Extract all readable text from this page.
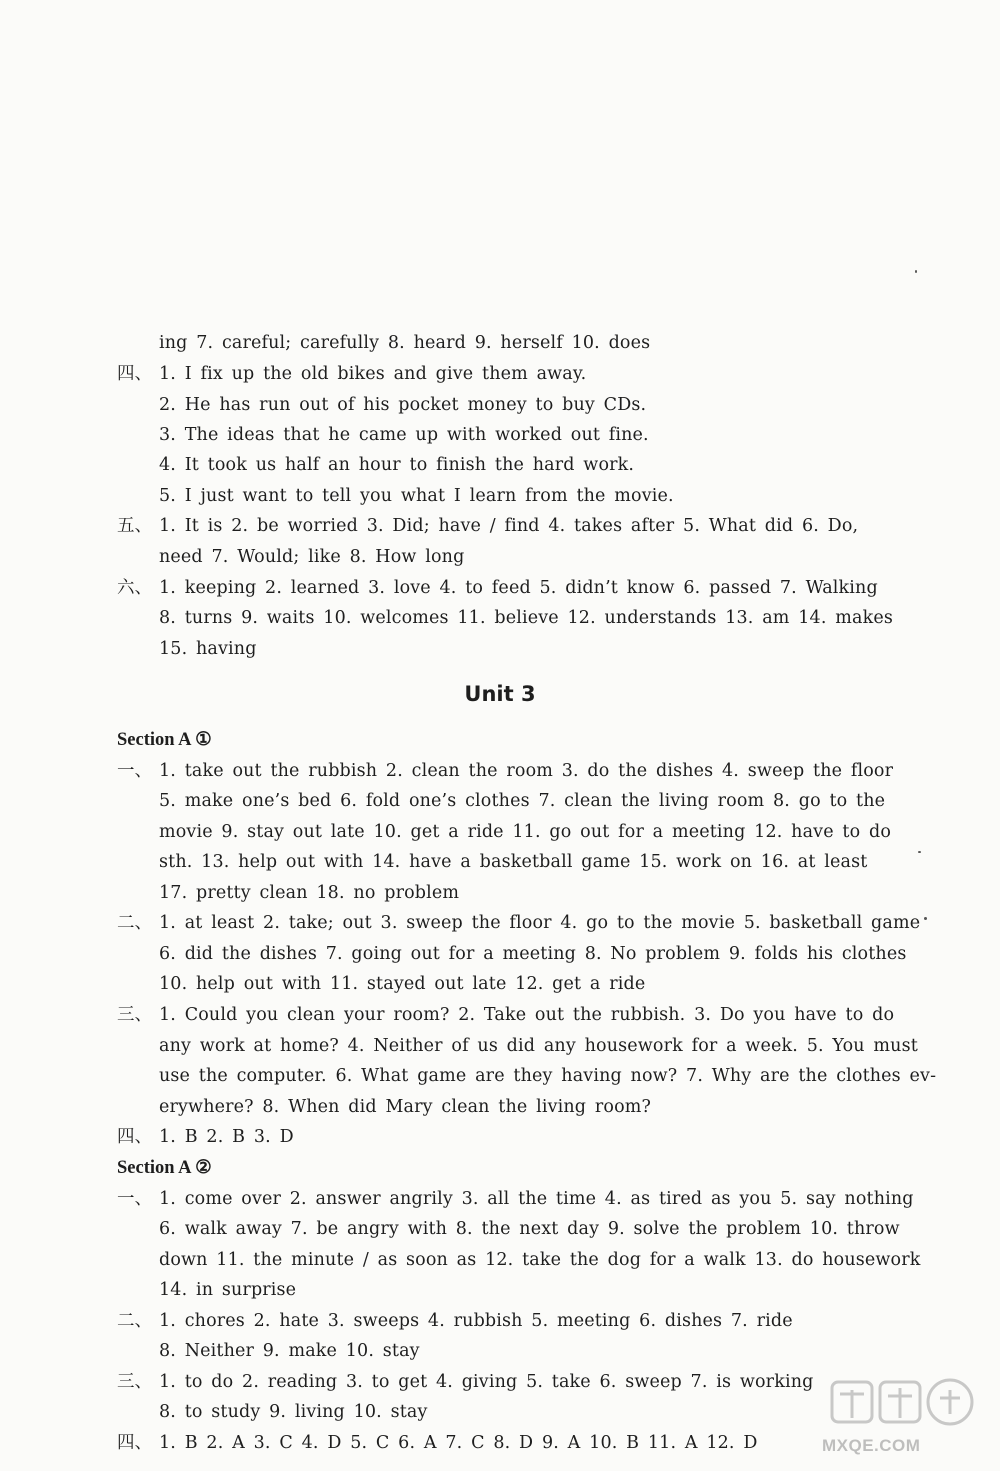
ing 7. careful; carefully 8. heard 9. herself 10. does
四、 1. I fix up the old bikes and give them away.
2. He has run out of his pocket money to buy CDs.
3. The ideas that he came up with worked out fine.
4. It took us half an hour to finish the hard work.
5. I just want to tell you what I learn from the movie.
五、 1. It is 2. be worried 3. Did; have / find 4. takes after 5. What did 6. Do,
need 7. Would; like 8. How long
六、 1. keeping 2. learned 3. love 4. to feed 5. didn’t know 6. passed 7. Walking
8. turns 9. waits 10. welcomes 11. believe 12. understands 13. am 14. makes
15. having
Unit 3
Section A ①
一、 1. take out the rubbish 2. clean the room 3. do the dishes 4. sweep the floor
5. make one’s bed 6. fold one’s clothes 7. clean the living room 8. go to the
movie 9. stay out late 10. get a ride 11. go out for a meeting 12. have to do
sth. 13. help out with 14. have a basketball game 15. work on 16. at least
17. pretty clean 18. no problem
二、 1. at least 2. take; out 3. sweep the floor 4. go to the movie 5. basketball game
6. did the dishes 7. going out for a meeting 8. No problem 9. folds his clothes
10. help out with 11. stayed out late 12. get a ride
三、 1. Could you clean your room? 2. Take out the rubbish. 3. Do you have to do
any work at home? 4. Neither of us did any housework for a week. 5. You must
use the computer. 6. What game are they having now? 7. Why are the clothes ev-
erywhere? 8. When did Mary clean the living room?
四、 1. B 2. B 3. D
Section A ②
一、 1. come over 2. answer angrily 3. all the time 4. as tired as you 5. say nothing
6. walk away 7. be angry with 8. the next day 9. solve the problem 10. throw
down 11. the minute / as soon as 12. take the dog for a walk 13. do housework
14. in surprise
二、 1. chores 2. hate 3. sweeps 4. rubbish 5. meeting 6. dishes 7. ride
8. Neither 9. make 10. stay
三、 1. to do 2. reading 3. to get 4. giving 5. take 6. sweep 7. is working
8. to study 9. living 10. stay
四、 1. B 2. A 3. C 4. D 5. C 6. A 7. C 8. D 9. A 10. B 11. A 12. D	MXQE.COM
